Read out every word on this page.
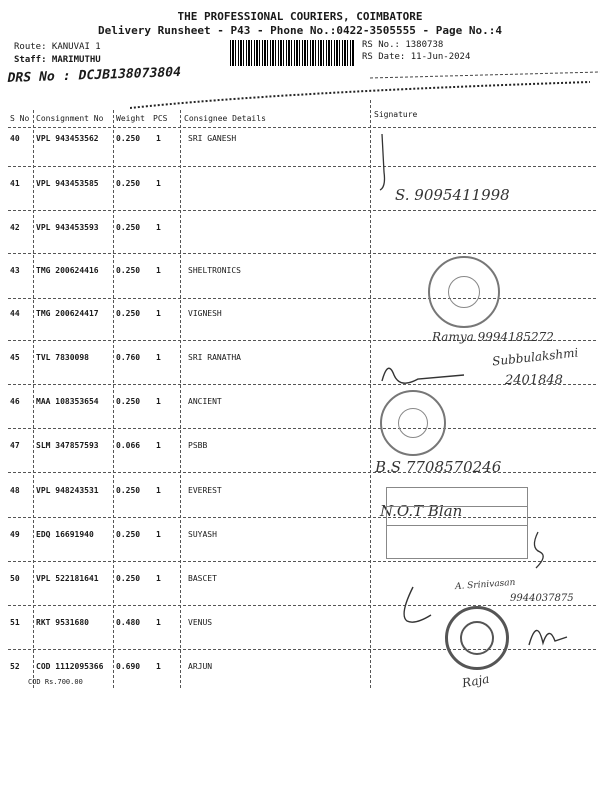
THE PROFESSIONAL COURIERS, COIMBATORE
Delivery Runsheet - P43 - Phone No.:0422-3505555 - Page No.:4
Route: KANUVAI 1
Staff: MARIMUTHU
RS No.: 1380738
RS Date: 11-Jun-2024
DRS No : DCJB138073804
S No Consignment No Weight PCS Consignee Details	Signature
40 VPL 943453562 0.250 1	SRI GANESH
41 VPL 943453585 0.250 1
42 VPL 943453593 0.250 1
43 TMG 200624416 0.250 1	SHELTRONICS
44 TMG 200624417 0.250 1	VIGNESH
45 TVL 7830098	0.760 1	SRI RANATHA
46 MAA 108353654 0.250 1	ANCIENT
47 SLM 347857593 0.066 1	PSBB
48 VPL 948243531 0.250 1	EVEREST
49 EDQ 16691940	0.250 1	SUYASH
50 VPL 522181641 0.250 1	BASCET
51 RKT 9531680	0.480 1	VENUS
52 COD 1112095366 0.690 1	ARJUN
COD Rs.700.00
S. 9095411998
Ramya 9994185272
Subbulakshmi
2401848
B.S 7708570246
N.O.T Blan
A. Srinivasan
9944037875
Raja
